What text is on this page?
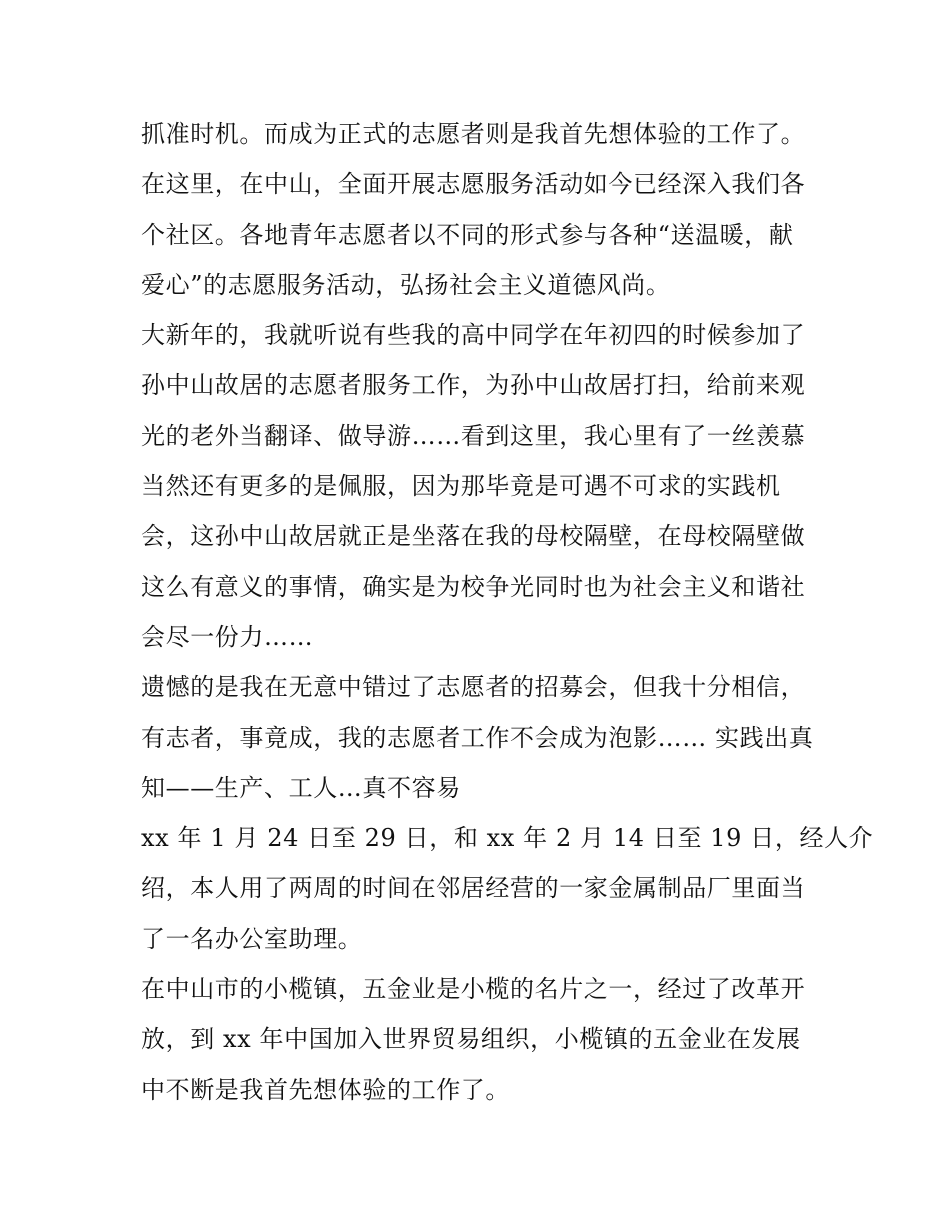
抓准时机。而成为正式的志愿者则是我首先想体验的工作了。
在这里，在中山，全面开展志愿服务活动如今已经深入我们各
个社区。各地青年志愿者以不同的形式参与各种“送温暖，献
爱心”的志愿服务活动，弘扬社会主义道德风尚。
大新年的，我就听说有些我的高中同学在年初四的时候参加了
孙中山故居的志愿者服务工作，为孙中山故居打扫，给前来观
光的老外当翻译、做导游……看到这里，我心里有了一丝羡慕
当然还有更多的是佩服，因为那毕竟是可遇不可求的实践机
会，这孙中山故居就正是坐落在我的母校隔壁，在母校隔壁做
这么有意义的事情，确实是为校争光同时也为社会主义和谐社
会尽一份力……
遗憾的是我在无意中错过了志愿者的招募会，但我十分相信，
有志者，事竟成，我的志愿者工作不会成为泡影…… 实践出真
知——生产、工人…真不容易
xx 年 1 月 24 日至 29 日，和 xx 年 2 月 14 日至 19 日，经人介
绍，本人用了两周的时间在邻居经营的一家金属制品厂里面当
了一名办公室助理。
在中山市的小榄镇，五金业是小榄的名片之一，经过了改革开
放，到 xx 年中国加入世界贸易组织，小榄镇的五金业在发展
中不断是我首先想体验的工作了。
